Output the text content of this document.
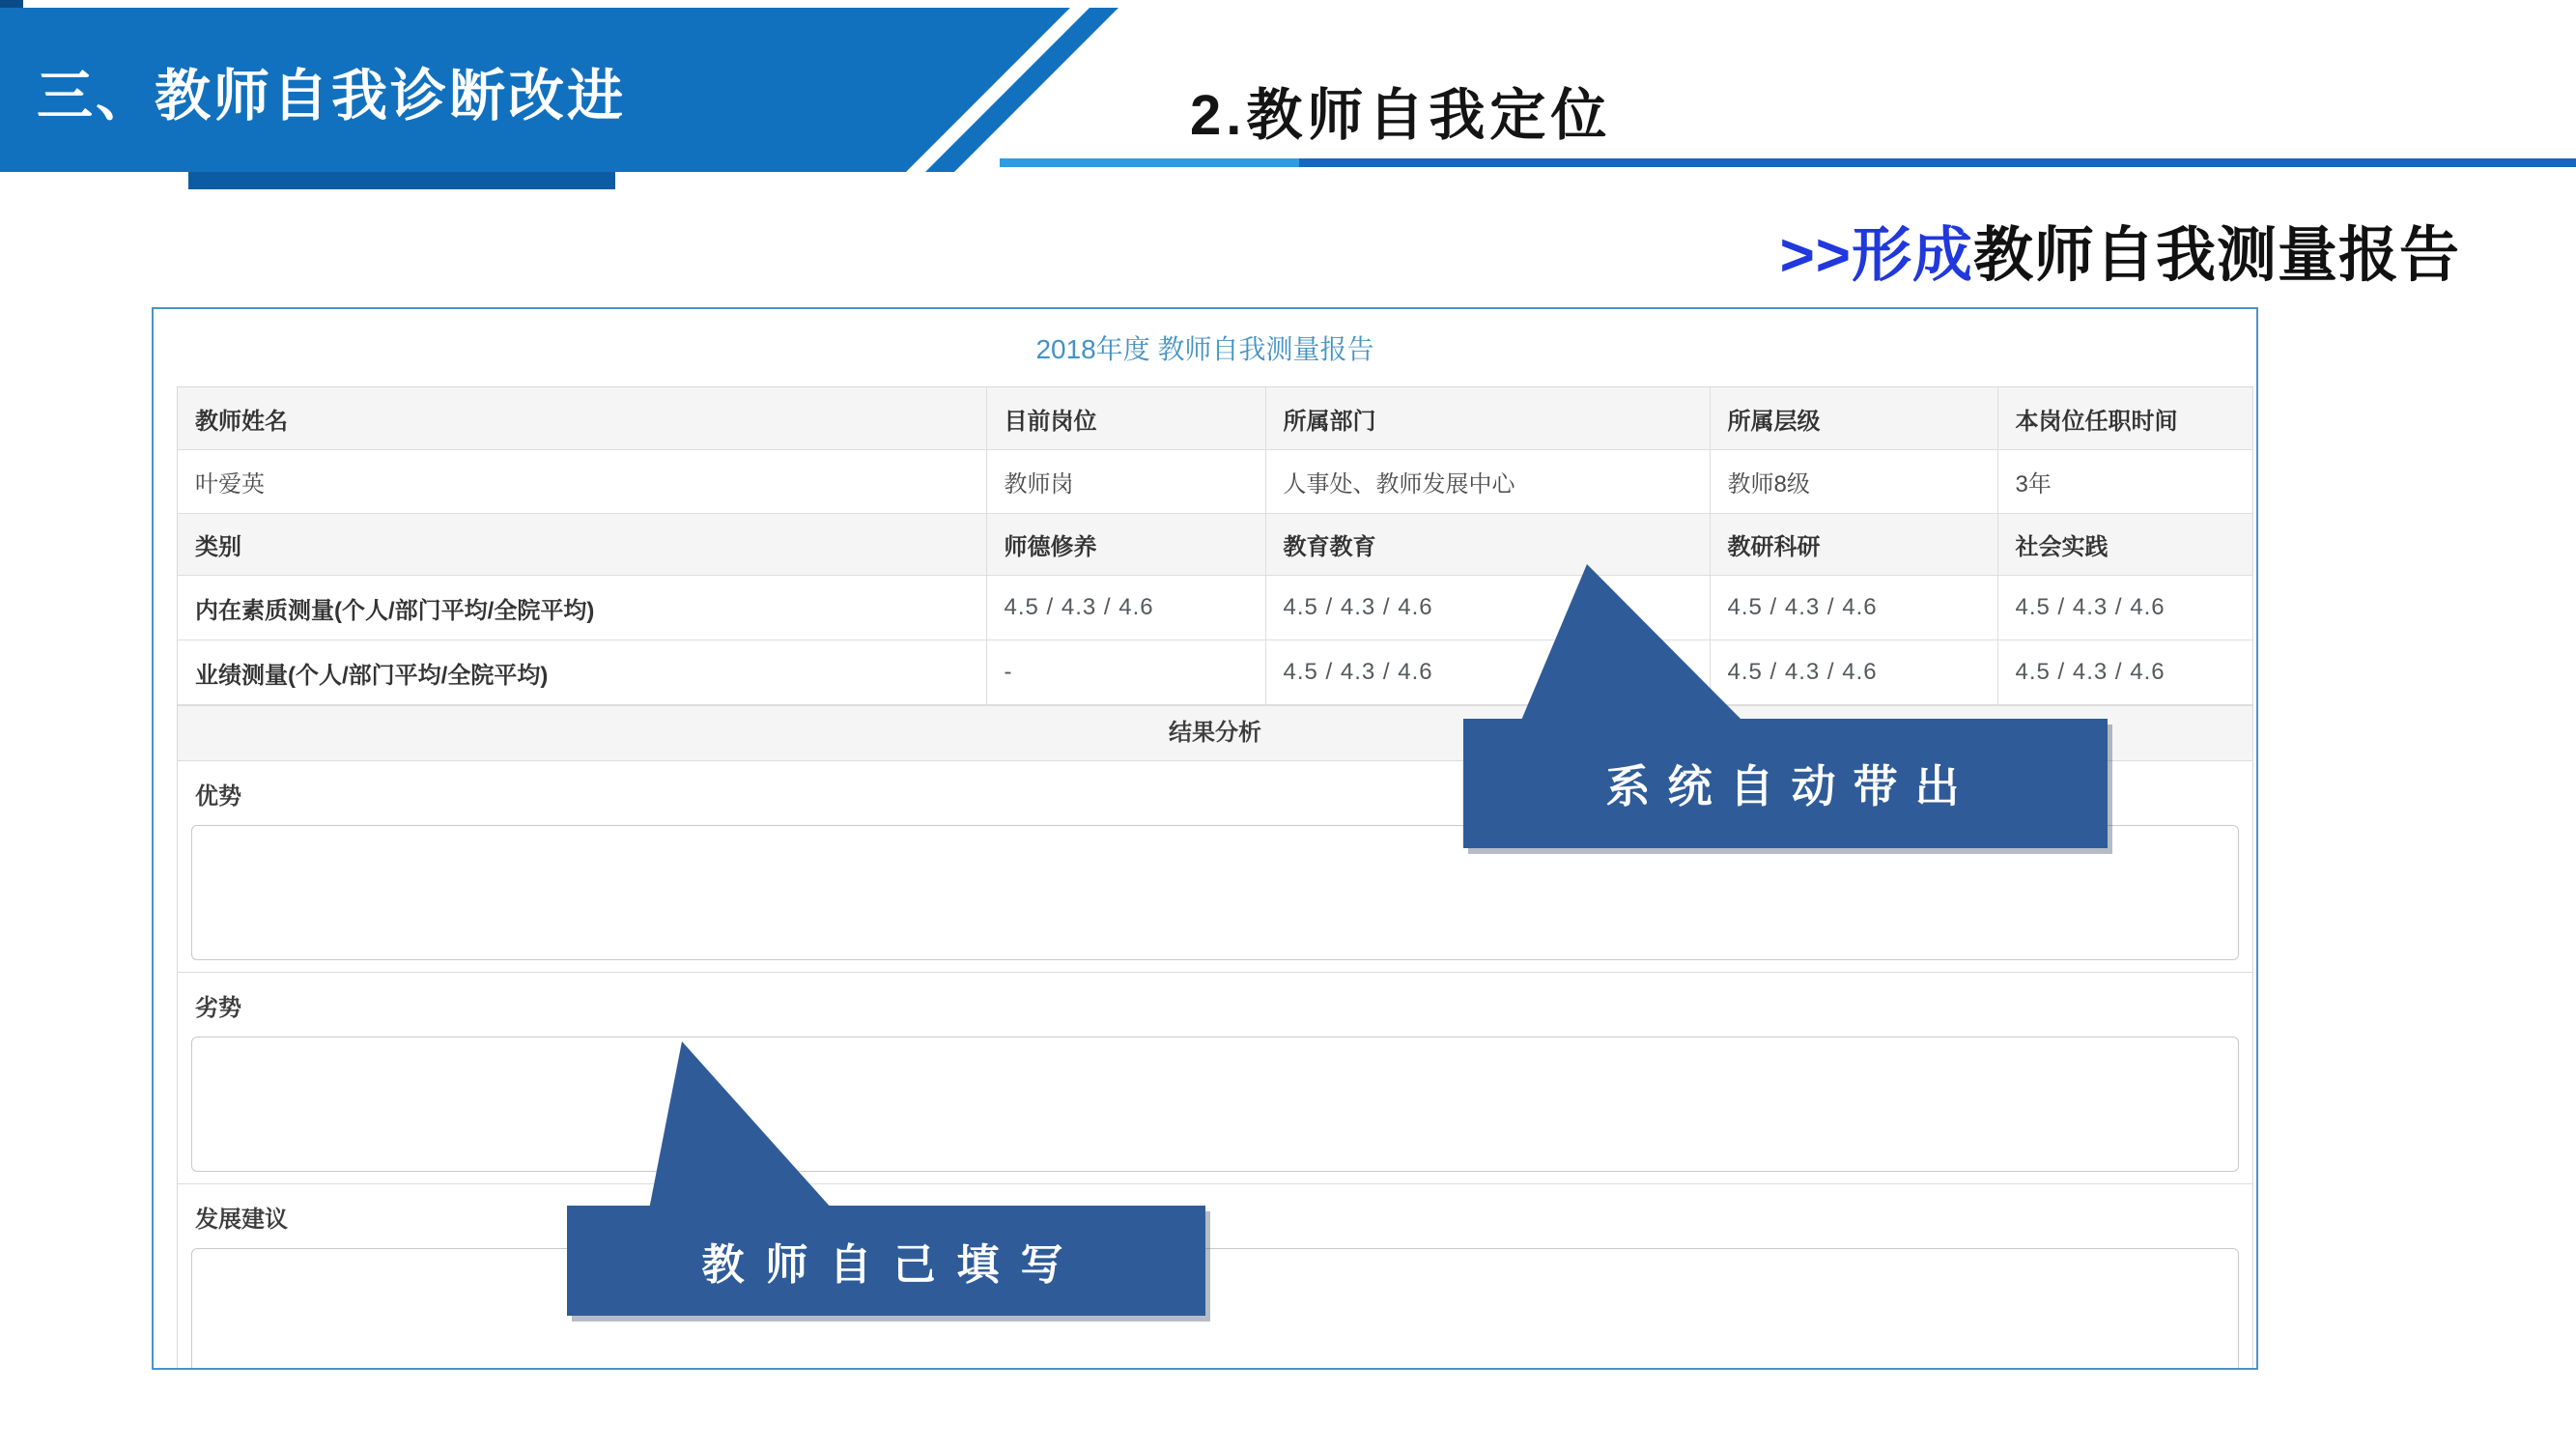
三、教师自我诊断改进	2.教师自我定位
>>形成教师自我测量报告
2018年度 教师自我测量报告
教师姓名	目前岗位	所属部门	所属层级	本岗位任职时间
叶爱英	教师岗	人事处、教师发展中心	教师8级	3年
类别	师德修养	教育教育	教研科研	社会实践
内在素质测量(个人/部门平均/全院平均)	4.5 / 4.3 / 4.6	4.5 / 4.3 / 4.6	4.5 / 4.3 / 4.6	4.5 / 4.3 / 4.6
业绩测量(个人/部门平均/全院平均)	-	4.5 / 4.3 / 4.6	4.5 / 4.3 / 4.6	4.5 / 4.3 / 4.6
结果分析
优势
劣势
发展建议
系统自动带出
教师自己填写
